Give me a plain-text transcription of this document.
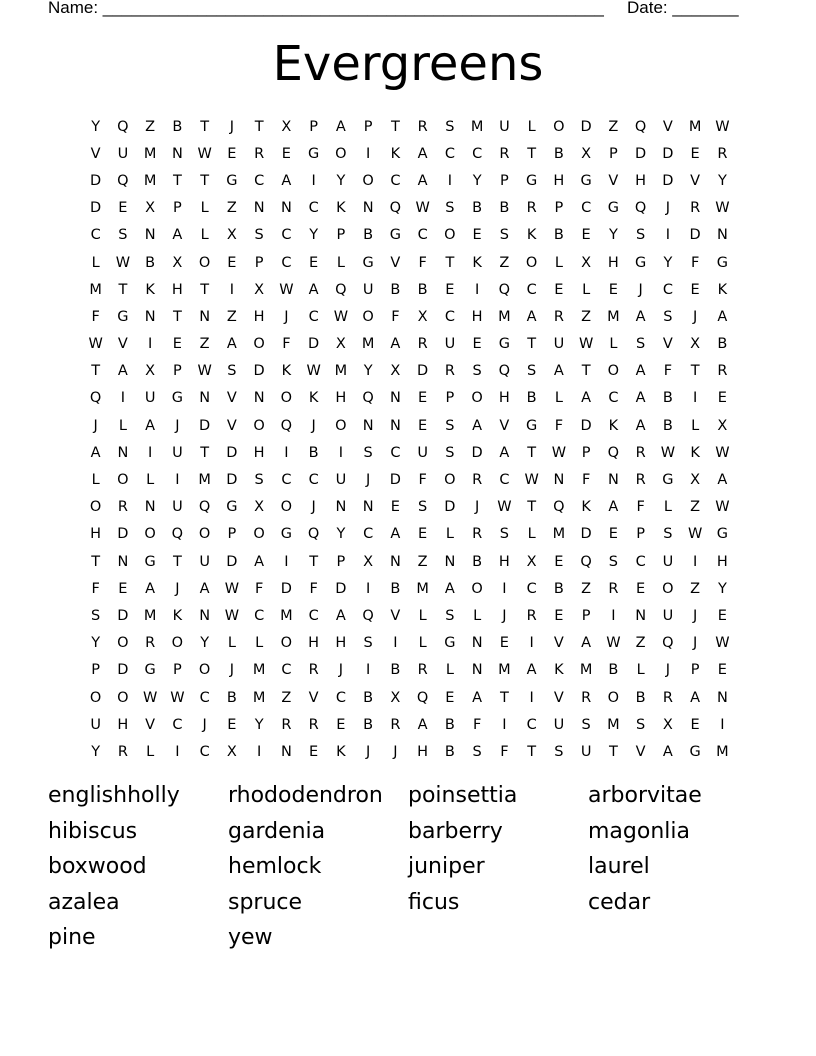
Name: _____________________________________________________ Date: _______
Evergreens
Y	Q	Z	B	T	J	T	X	P	A	P	T	R	S	M	U	L	O	D	Z	Q	V	M W
V	U	M	N	W	E	R	E	G	O	I	K	A	C	C	R	T	B	X	P	D	D	E	R
D	Q	M	T	T	G	C	A	I	Y	O	C	A	I	Y	P	G	H	G	V	H	D	V	Y
D	E	X	P	L	Z	N	N	C	K	N	Q W	S	B	B	R	P	C	G	Q	J	R	W
C	S	N	A	L	X	S	C	Y	P	B	G	C	O	E	S	K	B	E	Y	S	I	D	N
L	W	B	X	O	E	P	C	E	L	G	V	F	T	K	Z	O	L	X	H	G	Y	F	G
M	T	K	H	T	I	X	W	A	Q	U	B	B	E	I	Q	C	E	L	E	J	C	E	K
F	G	N	T	N	Z	H	J	C	W O	F	X	C	H	M	A	R	Z	M	A	S	J	A
W	V	I	E	Z	A	O	F	D	X	M	A	R	U	E	G	T	U	W	L	S	V	X	B
T	A	X	P	W	S	D	K	W M	Y	X	D	R	S	Q	S	A	T	O	A	F	T	R
Q	I	U	G	N	V	N	O	K	H	Q	N	E	P	O	H	B	L	A	C	A	B	I	E
J	L	A	J	D	V	O	Q	J	O	N	N	E	S	A	V	G	F	D	K	A	B	L	X
A	N	I	U	T	D	H	I	B	I	S	C	U	S	D	A	T	W	P	Q	R	W	K	W
L	O	L	I	M	D	S	C	C	U	J	D	F	O	R	C	W	N	F	N	R	G	X	A
O	R	N	U	Q	G	X	O	J	N	N	E	S	D	J	W	T	Q	K	A	F	L	Z	W
H	D	O	Q	O	P	O	G	Q	Y	C	A	E	L	R	S	L	M	D	E	P	S	W G
T	N	G	T	U	D	A	I	T	P	X	N	Z	N	B	H	X	E	Q	S	C	U	I	H
F	E	A	J	A	W	F	D	F	D	I	B	M	A	O	I	C	B	Z	R	E	O	Z	Y
S	D	M	K	N	W	C	M	C	A	Q	V	L	S	L	J	R	E	P	I	N	U	J	E
Y	O	R	O	Y	L	L	O	H	H	S	I	L	G	N	E	I	V	A	W	Z	Q	J	W
P	D	G	P	O	J	M	C	R	J	I	B	R	L	N	M	A	K	M	B	L	J	P	E
O	O W W	C	B	M	Z	V	C	B	X	Q	E	A	T	I	V	R	O	B	R	A	N
U	H	V	C	J	E	Y	R	R	E	B	R	A	B	F	I	C	U	S	M	S	X	E	I
Y	R	L	I	C	X	I	N	E	K	J	J	H	B	S	F	T	S	U	T	V	A	G	M
englishholly	rhododendron	poinsettia	arborvitae
hibiscus	gardenia	barberry	magonlia
boxwood	hemlock	juniper	laurel
azalea	spruce	ficus	cedar
pine	yew
